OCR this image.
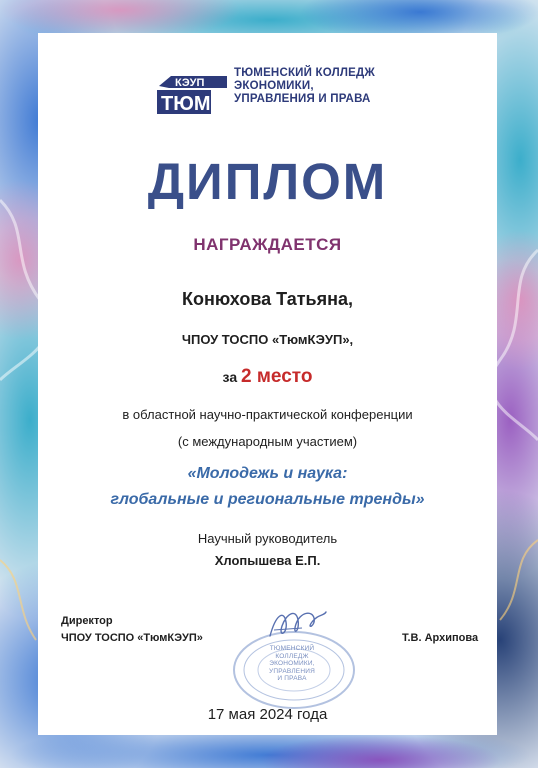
КЭУП
ТЮМ
ТЮМЕНСКИЙ КОЛЛЕДЖ
ЭКОНОМИКИ,
УПРАВЛЕНИЯ И ПРАВА
ДИПЛОМ
НАГРАЖДАЕТСЯ
Конюхова Татьяна,
ЧПОУ ТОСПО «ТюмКЭУП»,
за 2 место
в областной научно-практической конференции
(с международным участием)
«Молодежь и наука:
глобальные и региональные тренды»
Научный руководитель
Хлопышева Е.П.
Директор
ЧПОУ ТОСПО «ТюмКЭУП»	Т.В. Архипова
ТЮМЕНСКИЙ
КОЛЛЕДЖ
ЭКОНОМИКИ,
УПРАВЛЕНИЯ
И ПРАВА
17 мая 2024 года
